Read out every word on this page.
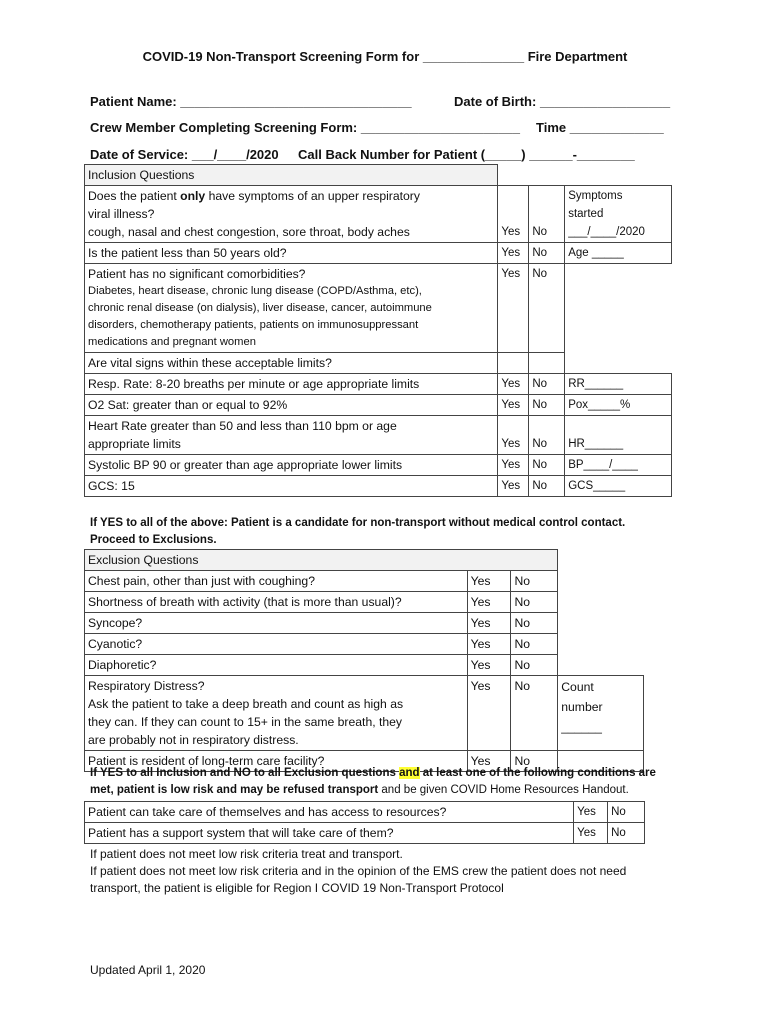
COVID-19 Non-Transport Screening Form for ______________ Fire Department
Patient Name: ________________________________	Date of Birth: __________________
Crew Member Completing Screening Form: ______________________ Time _____________
Date of Service: ___/____/2020 Call Back Number for Patient (_____) ______-________
Inclusion Questions			
Does the patient only have symptoms of an upper respiratory
viral illness?
cough, nasal and chest congestion, sore throat, body aches	Yes	No	Symptoms
started
___/____/2020
Is the patient less than 50 years old?	Yes	No	Age _____
Patient has no significant comorbidities?

Diabetes, heart disease, chronic lung disease (COPD/Asthma, etc),
chronic renal disease (on dialysis), liver disease, cancer, autoimmune
disorders, chemotherapy patients, patients on immunosuppressant
medications and pregnant women	Yes	No	
Are vital signs within these acceptable limits?			
Resp. Rate: 8-20 breaths per minute or age appropriate limits	Yes	No	RR______
O2 Sat: greater than or equal to 92%	Yes	No	Pox_____%
Heart Rate greater than 50 and less than 110 bpm or age
appropriate limits	Yes	No	HR______
Systolic BP 90 or greater than age appropriate lower limits	Yes	No	BP____/____
GCS: 15	Yes	No	GCS_____
If YES to all of the above: Patient is a candidate for non-transport without medical control contact.
Proceed to Exclusions.
Exclusion Questions			
Chest pain, other than just with coughing?	Yes	No	
Shortness of breath with activity (that is more than usual)?	Yes	No	
Syncope?	Yes	No	
Cyanotic?	Yes	No	
Diaphoretic?	Yes	No	
Respiratory Distress?
Ask the patient to take a deep breath and count as high as
they can. If they can count to 15+ in the same breath, they
are probably not in respiratory distress.	Yes	No	Count
number
______
Patient is resident of long-term care facility?	Yes	No	
If YES to all Inclusion and NO to all Exclusion questions and at least one of the following conditions are
met, patient is low risk and may be refused transport and be given COVID Home Resources Handout.
Patient can take care of themselves and has access to resources?	Yes	No
Patient has a support system that will take care of them?	Yes	No
If patient does not meet low risk criteria treat and transport.
If patient does not meet low risk criteria and in the opinion of the EMS crew the patient does not need
transport, the patient is eligible for Region I COVID 19 Non-Transport Protocol
Updated April 1, 2020
